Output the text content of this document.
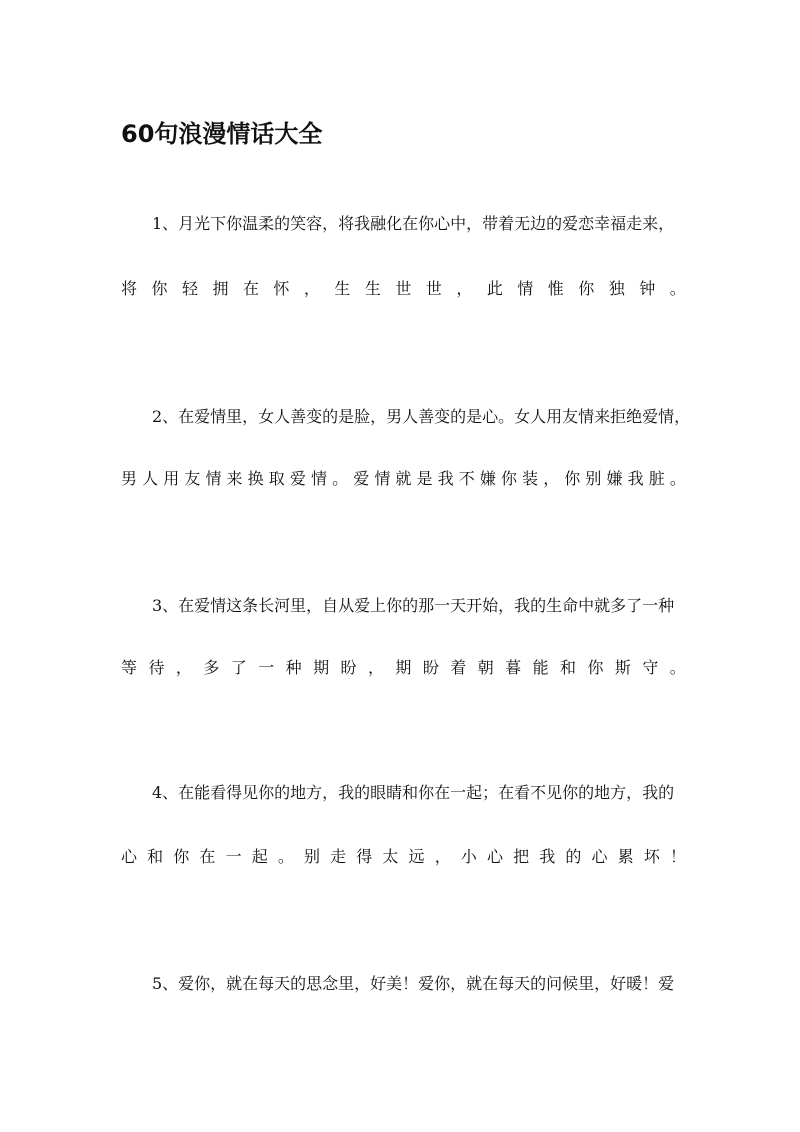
60句浪漫情话大全

1、月光下你温柔的笑容，将我融化在你心中，带着无边的爱恋幸福走来，

将 你 轻 拥 在 怀 ， 生 生 世 世 ， 此 情 惟 你 独 钟 。

2、在爱情里，女人善变的是脸，男人善变的是心。女人用友情来拒绝爱情，

男 人 用 友 情 来 换 取 爱 情 。 爱 情 就 是 我 不 嫌 你 装 ， 你 别 嫌 我 脏 。

3、在爱情这条长河里，自从爱上你的那一天开始，我的生命中就多了一种

等 待 ， 多 了 一 种 期 盼 ， 期 盼 着 朝 暮 能 和 你 斯 守 。

4、在能看得见你的地方，我的眼睛和你在一起；在看不见你的地方，我的

心 和 你 在 一 起 。 别 走 得 太 远 ， 小 心 把 我 的 心 累 坏 ！

5、爱你，就在每天的思念里，好美！爱你，就在每天的问候里，好暖！爱
